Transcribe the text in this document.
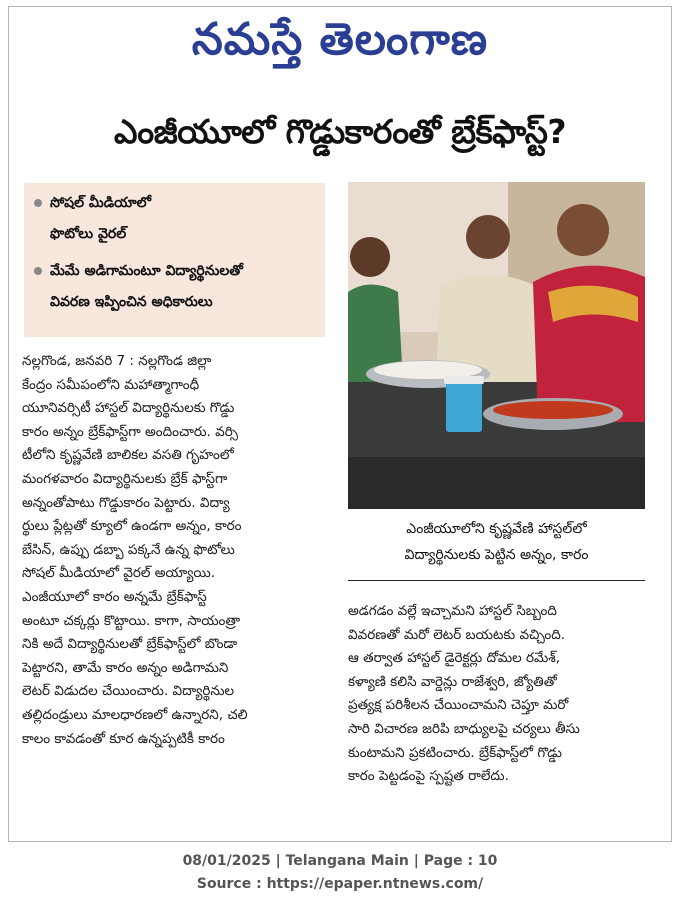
నమస్తే తెలంగాణ
ఎంజీయూలో గొడ్డుకారంతో బ్రేక్‌ఫాస్ట్?
సోషల్ మీడియాలో
ఫొటోలు వైరల్
మేమే అడిగామంటూ విద్యార్థినులతో
వివరణ ఇప్పించిన అధికారులు
నల్లగొండ, జనవరి 7 : నల్లగొండ జిల్లా
కేంద్రం సమీపంలోని మహాత్మాగాంధీ
యూనివర్సిటీ హాస్టల్ విద్యార్థినులకు గొడ్డు
కారం అన్నం బ్రేక్‌ఫాస్ట్‌గా అందించారు. వర్సి
టీలోని కృష్ణవేణి బాలికల వసతి గృహంలో
మంగళవారం విద్యార్థినులకు బ్రేక్ ఫాస్ట్‌గా
అన్నంతోపాటు గొడ్డుకారం పెట్టారు. విద్యా
ర్థులు ప్లేట్లతో క్యూలో ఉండగా అన్నం, కారం
బేసిన్, ఉప్పు డబ్బా పక్కనే ఉన్న ఫొటోలు
సోషల్ మీడియాలో వైరల్ అయ్యాయి.
ఎంజీయూలో కారం అన్నమే బ్రేక్‌ఫాస్ట్
అంటూ చక్కర్లు కొట్టాయి. కాగా, సాయంత్రా
నికి అదే విద్యార్థినులతో బ్రేక్‌ఫాస్ట్‌లో బొండా
పెట్టారని, తామే కారం అన్నం అడిగామని
లెటర్ విడుదల చేయించారు. విద్యార్థినుల
తల్లిదండ్రులు మాలధారణలో ఉన్నారని, చలి
కాలం కావడంతో కూర ఉన్నప్పటికీ కారం
ఎంజీయూలోని కృష్ణవేణి హాస్టల్‌లో
విద్యార్థినులకు పెట్టిన అన్నం, కారం
అడగడం వల్లే ఇచ్చామని హాస్టల్ సిబ్బంది
వివరణతో మరో లెటర్ బయటకు వచ్చింది.
ఆ తర్వాత హాస్టల్ డైరెక్టర్లు దోమల రమేశ్,
కళ్యాణి కలిసి వార్డెన్లు రాజేశ్వరి, జ్యోతితో
ప్రత్యక్ష పరిశీలన చేయించామని చెప్తూ మరో
సారి విచారణ జరిపి బాధ్యులపై చర్యలు తీసు
కుంటామని ప్రకటించారు. బ్రేక్‌ఫాస్ట్‌లో గొడ్డు
కారం పెట్టడంపై స్పష్టత రాలేదు.
08/01/2025 | Telangana Main | Page : 10
Source : https://epaper.ntnews.com/
